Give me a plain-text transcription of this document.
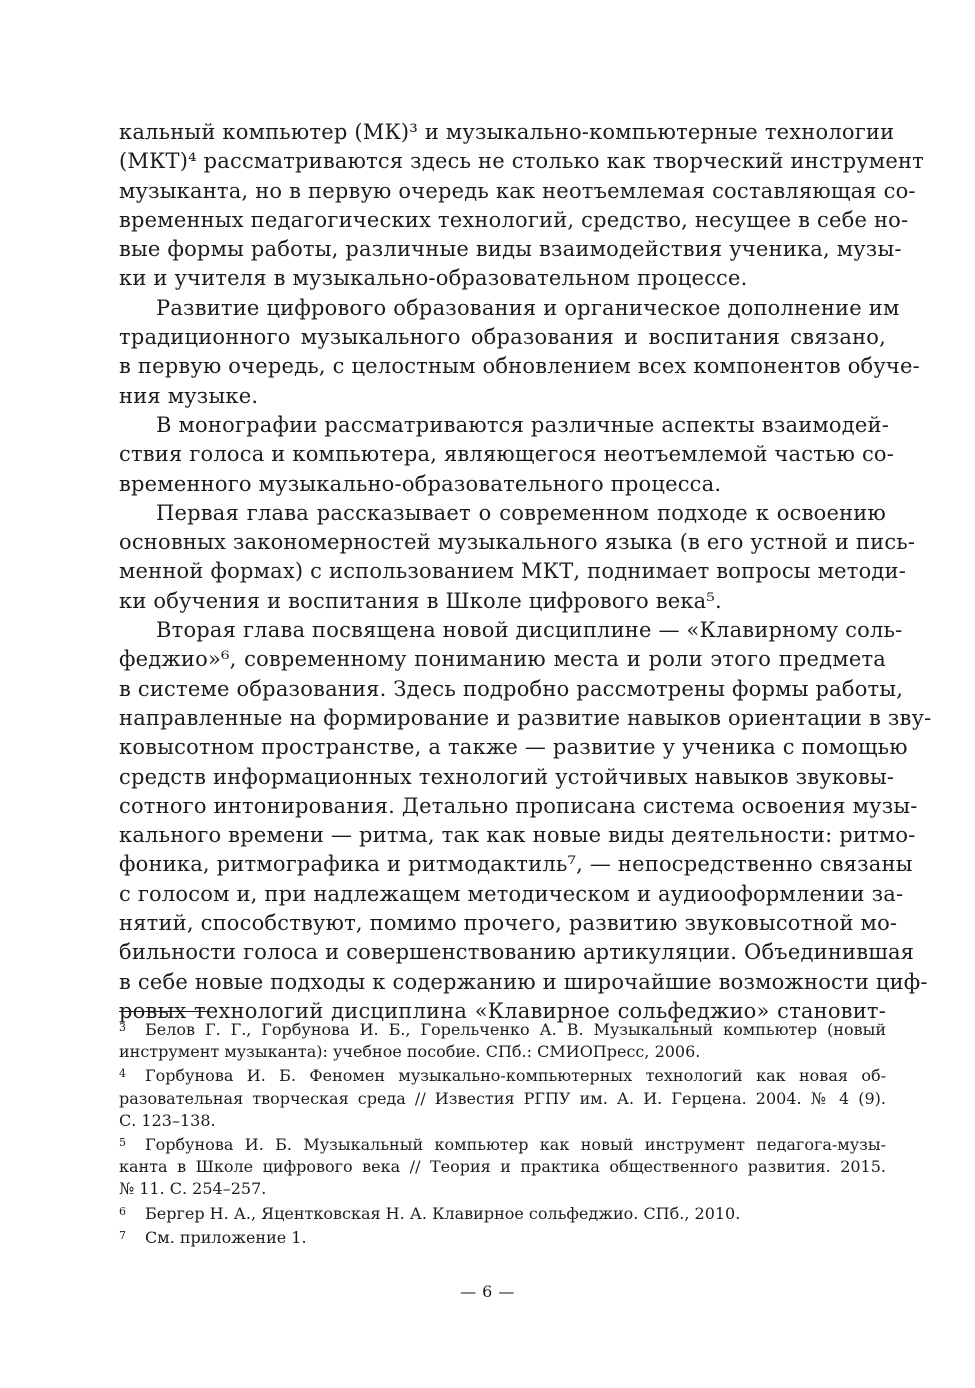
кальный компьютер (МК)³ и музыкально-компьютерные технологии

(МКТ)⁴ рассматриваются здесь не столько как творческий инструмент

музыканта, но в первую очередь как неотъемлемая составляющая со-

временных педагогических технологий, средство, несущее в себе но-

вые формы работы, различные виды взаимодействия ученика, музы-

ки и учителя в музыкально-образовательном процессе.

Развитие цифрового образования и органическое дополнение им

традиционного музыкального образования и воспитания связано,

в первую очередь, с целостным обновлением всех компонентов обуче-

ния музыке.

В монографии рассматриваются различные аспекты взаимодей-

ствия голоса и компьютера, являющегося неотъемлемой частью со-

временного музыкально-образовательного процесса.

Первая глава рассказывает о современном подходе к освоению

основных закономерностей музыкального языка (в его устной и пись-

менной формах) с использованием МКТ, поднимает вопросы методи-

ки обучения и воспитания в Школе цифрового века⁵.

Вторая глава посвящена новой дисциплине — «Клавирному соль-

феджио»⁶, современному пониманию места и роли этого предмета

в системе образования. Здесь подробно рассмотрены формы работы,

направленные на формирование и развитие навыков ориентации в зву-

ковысотном пространстве, а также — развитие у ученика с помощью

средств информационных технологий устойчивых навыков звуковы-

сотного интонирования. Детально прописана система освоения музы-

кального времени — ритма, так как новые виды деятельности: ритмо-

фоника, ритмографика и ритмодактиль⁷, — непосредственно связаны

с голосом и, при надлежащем методическом и аудиооформлении за-

нятий, способствуют, помимо прочего, развитию звуковысотной мо-

бильности голоса и совершенствованию артикуляции. Объединившая

в себе новые подходы к содержанию и широчайшие возможности циф-

ровых технологий дисциплина «Клавирное сольфеджио» становит-

3 Белов Г. Г., Горбунова И. Б., Горельченко А. В. Музыкальный компьютер (новый

инструмент музыканта): учебное пособие. СПб.: СМИОПресс, 2006.

4 Горбунова И. Б. Феномен музыкально-компьютерных технологий как новая об-

разовательная творческая среда // Известия РГПУ им. А. И. Герцена. 2004. № 4 (9).

С. 123–138.

5 Горбунова И. Б. Музыкальный компьютер как новый инструмент педагога-музы-

канта в Школе цифрового века // Теория и практика общественного развития. 2015.

№ 11. С. 254–257.

6 Бергер Н. А., Яцентковская Н. А. Клавирное сольфеджио. СПб., 2010.

7 См. приложение 1.

— 6 —
